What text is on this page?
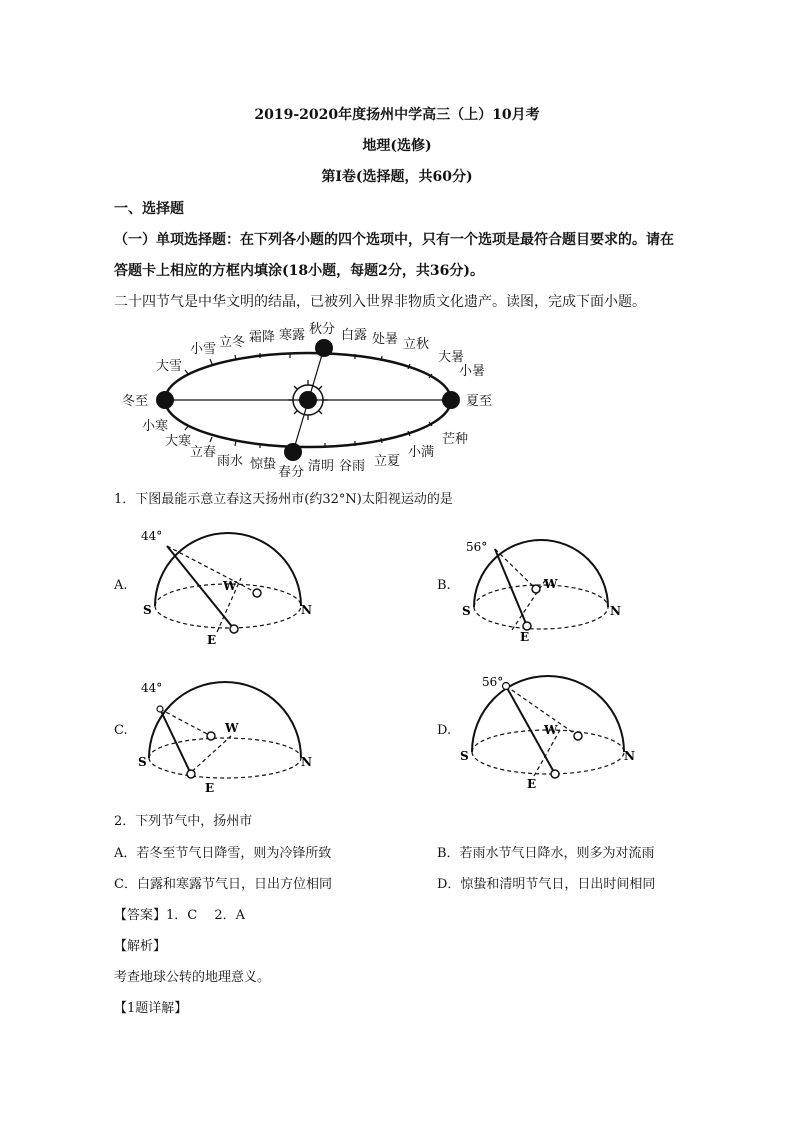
2019-2020年度扬州中学高三（上）10月考
地理(选修)
第Ⅰ卷(选择题，共60分)
一、选择题
（一）单项选择题：在下列各小题的四个选项中，只有一个选项是最符合题目要求的。请在
答题卡上相应的方框内填涂(18小题，每题2分，共36分)。
二十四节气是中华文明的结晶，已被列入世界非物质文化遗产。读图，完成下面小题。
冬至
小寒
大寒
立春
雨水 惊蛰
春分 清明 谷雨 立夏
小满
芒种
夏至
小暑
大暑
立秋
处暑
白露
秋分
寒露
霜降
立冬
小雪
大雪
1．下图最能示意立春这天扬州市(约32°N)太阳视运动的是
A.
44°
S	N
E
W	B.
56°
S	N
E
W
C.
44°
S	N
E
W	D.
56°
S	N
E
W
2．下列节气中，扬州市
A．若冬至节气日降雪，则为冷锋所致	B．若雨水节气日降水，则多为对流雨
C．白露和寒露节气日，日出方位相同	D．惊蛰和清明节气日，日出时间相同
【答案】1．C　 2．A
【解析】
考查地球公转的地理意义。
【1题详解】
